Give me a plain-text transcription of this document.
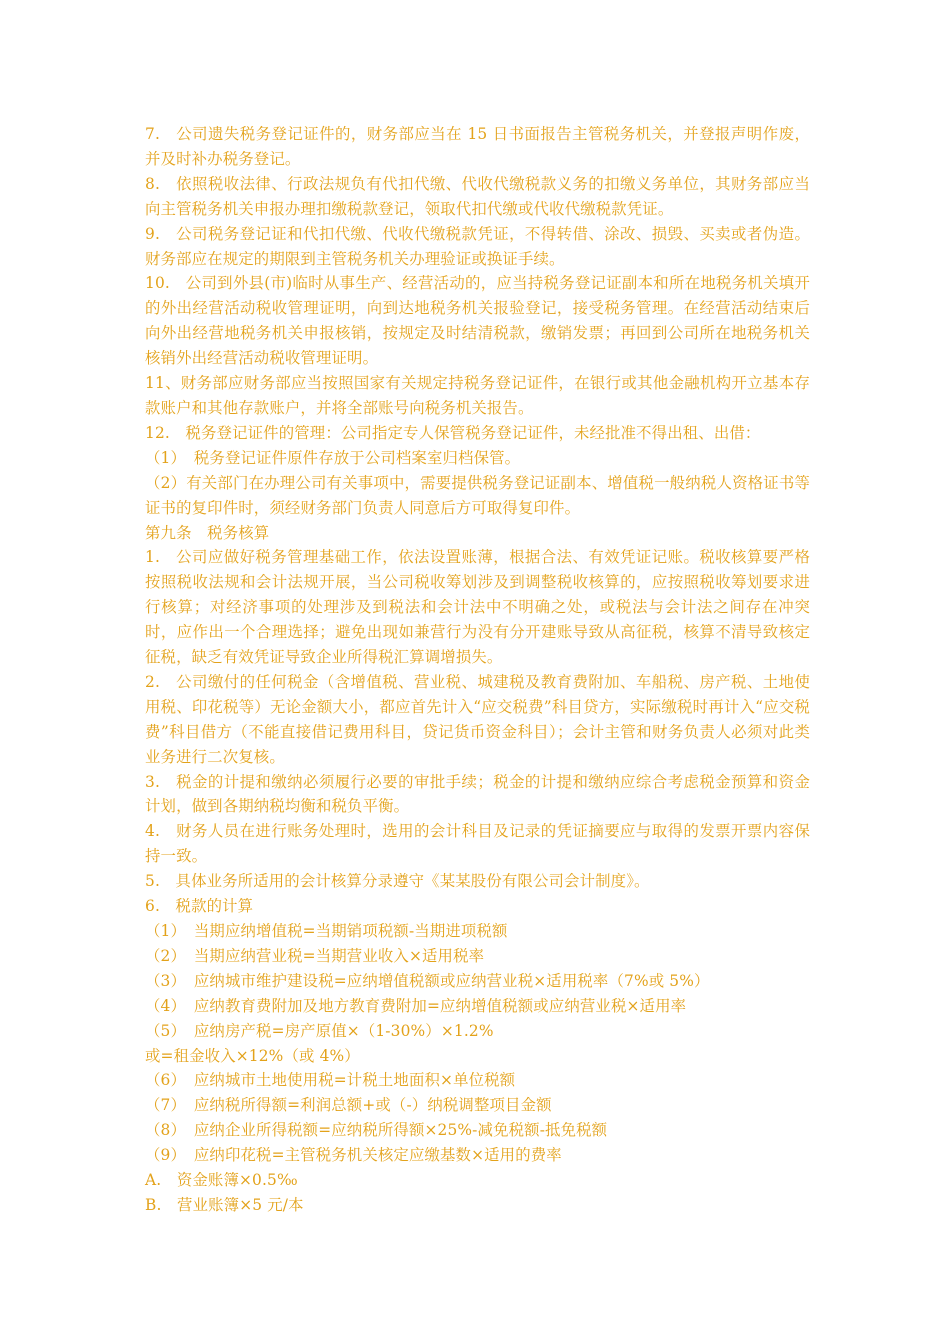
7.　公司遗失税务登记证件的，财务部应当在 15 日书面报告主管税务机关，并登报声明作废，并及时补办税务登记。

8.　依照税收法律、行政法规负有代扣代缴、代收代缴税款义务的扣缴义务单位，其财务部应当向主管税务机关申报办理扣缴税款登记，领取代扣代缴或代收代缴税款凭证。

9.　公司税务登记证和代扣代缴、代收代缴税款凭证，不得转借、涂改、损毁、买卖或者伪造。财务部应在规定的期限到主管税务机关办理验证或换证手续。

10.　公司到外县(市)临时从事生产、经营活动的，应当持税务登记证副本和所在地税务机关填开的外出经营活动税收管理证明，向到达地税务机关报验登记，接受税务管理。在经营活动结束后向外出经营地税务机关申报核销，按规定及时结清税款，缴销发票；再回到公司所在地税务机关核销外出经营活动税收管理证明。

11、财务部应财务部应当按照国家有关规定持税务登记证件，在银行或其他金融机构开立基本存款账户和其他存款账户，并将全部账号向税务机关报告。

12.　税务登记证件的管理：公司指定专人保管税务登记证件，未经批准不得出租、出借：

（1）　税务登记证件原件存放于公司档案室归档保管。

（2）有关部门在办理公司有关事项中，需要提供税务登记证副本、增值税一般纳税人资格证书等证书的复印件时，须经财务部门负责人同意后方可取得复印件。

第九条　税务核算

1.　公司应做好税务管理基础工作，依法设置账薄，根据合法、有效凭证记账。税收核算要严格按照税收法规和会计法规开展，当公司税收筹划涉及到调整税收核算的，应按照税收筹划要求进行核算；对经济事项的处理涉及到税法和会计法中不明确之处，或税法与会计法之间存在冲突时，应作出一个合理选择；避免出现如兼营行为没有分开建账导致从高征税，核算不清导致核定征税，缺乏有效凭证导致企业所得税汇算调增损失。

2.　公司缴付的任何税金（含增值税、营业税、城建税及教育费附加、车船税、房产税、土地使用税、印花税等）无论金额大小，都应首先计入“应交税费”科目贷方，实际缴税时再计入“应交税费”科目借方（不能直接借记费用科目，贷记货币资金科目）；会计主管和财务负责人必须对此类业务进行二次复核。

3.　税金的计提和缴纳必须履行必要的审批手续；税金的计提和缴纳应综合考虑税金预算和资金计划，做到各期纳税均衡和税负平衡。

4.　财务人员在进行账务处理时，选用的会计科目及记录的凭证摘要应与取得的发票开票内容保持一致。

5.　具体业务所适用的会计核算分录遵守《某某股份有限公司会计制度》。

6.　税款的计算

（1）　当期应纳增值税=当期销项税额-当期进项税额

（2）　当期应纳营业税=当期营业收入×适用税率

（3）　应纳城市维护建设税=应纳增值税额或应纳营业税×适用税率（7%或 5%）

（4）　应纳教育费附加及地方教育费附加=应纳增值税额或应纳营业税×适用率

（5）　应纳房产税=房产原值×（1-30%）×1.2%

或=租金收入×12%（或 4%）

（6）　应纳城市土地使用税=计税土地面积×单位税额

（7）　应纳税所得额=利润总额+或（-）纳税调整项目金额

（8）　应纳企业所得税额=应纳税所得额×25%-减免税额-抵免税额

（9）　应纳印花税=主管税务机关核定应缴基数×适用的费率

A.　资金账簿×0.5‰

B.　营业账簿×5 元/本
